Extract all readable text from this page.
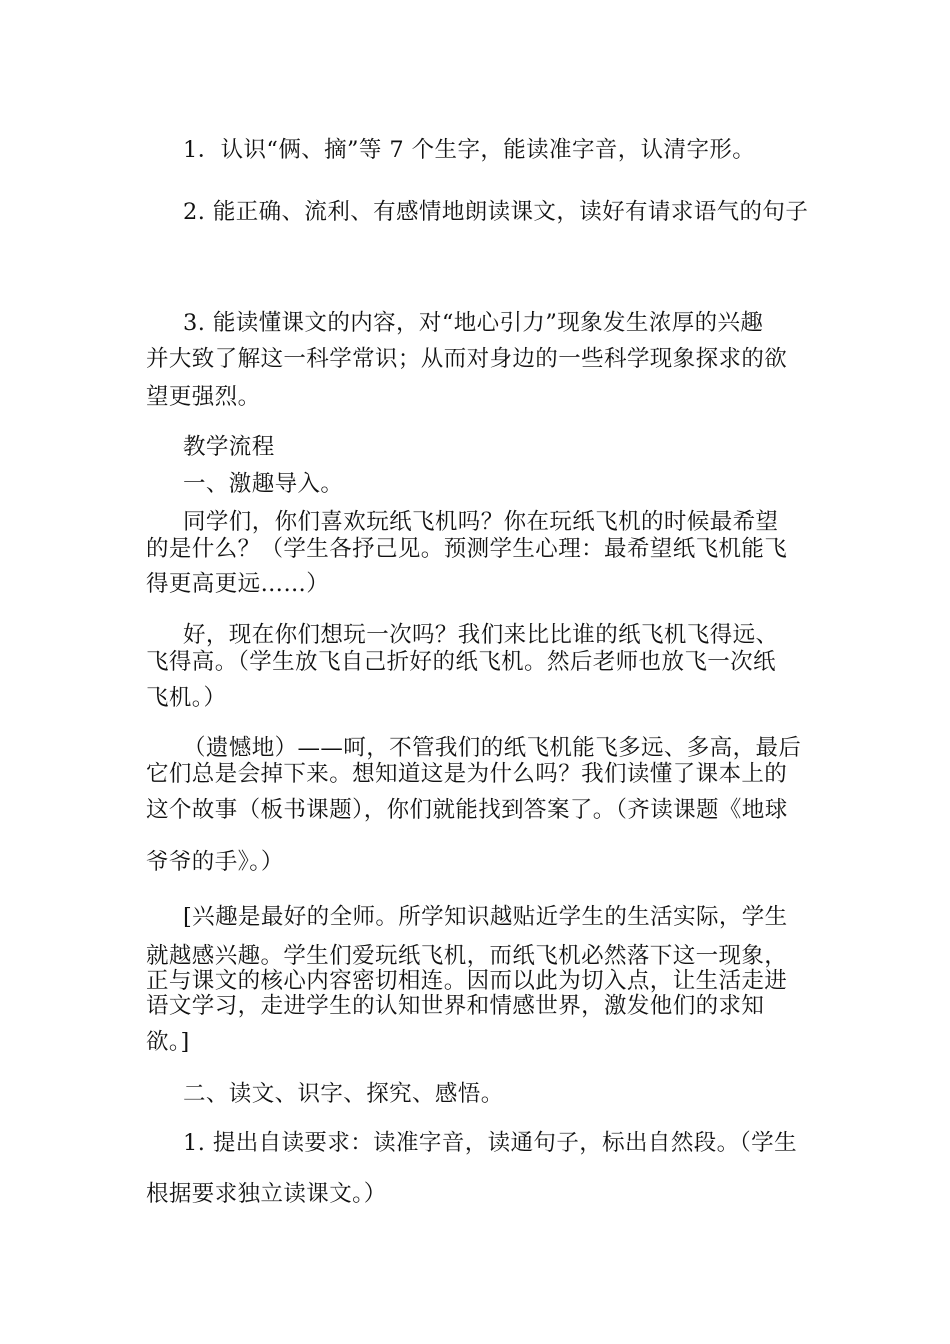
1．认识“俩、摘”等 7 个生字，能读准字音，认清字形。
2. 能正确、流利、有感情地朗读课文，读好有请求语气的句子
3. 能读懂课文的内容，对“地心引力”现象发生浓厚的兴趣
并大致了解这一科学常识；从而对身边的一些科学现象探求的欲
望更强烈。
教学流程
一、激趣导入。
同学们，你们喜欢玩纸飞机吗？你在玩纸飞机的时候最希望
的是什么？（学生各抒己见。预测学生心理：最希望纸飞机能飞
得更高更远……）
好，现在你们想玩一次吗？我们来比比谁的纸飞机飞得远、
飞得高。（学生放飞自己折好的纸飞机。然后老师也放飞一次纸
飞机。）
（遗憾地）——呵，不管我们的纸飞机能飞多远、多高，最后
它们总是会掉下来。想知道这是为什么吗？我们读懂了课本上的
这个故事（板书课题），你们就能找到答案了。（齐读课题《地球
爷爷的手》。）
[兴趣是最好的全师。所学知识越贴近学生的生活实际，学生
就越感兴趣。学生们爱玩纸飞机，而纸飞机必然落下这一现象，
正与课文的核心内容密切相连。因而以此为切入点，让生活走进
语文学习，走进学生的认知世界和情感世界，激发他们的求知
欲。]
二、读文、识字、探究、感悟。
1. 提出自读要求：读准字音，读通句子，标出自然段。（学生
根据要求独立读课文。）
